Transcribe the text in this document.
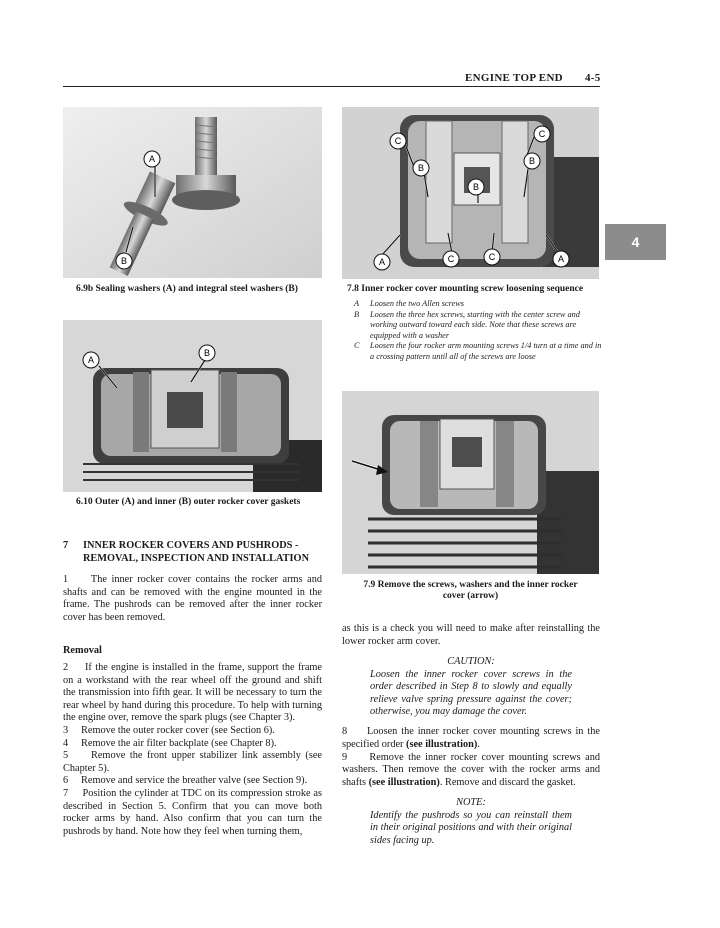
ENGINE TOP END 4-5
4
A
B
6.9b Sealing washers (A) and integral steel washers (B)
A
B
6.10 Outer (A) and inner (B) outer rocker cover gaskets
C
C
B
B
B
A	C	C	A
7.8 Inner rocker cover mounting screw loosening sequence
A	Loosen the two Allen screws
B	Loosen the three hex screws, starting with the center screw and working outward toward each side. Note that these screws are equipped with a washer
C	Loosen the four rocker arm mounting screws 1/4 turn at a time and in a crossing pattern until all of the screws are loose
7.9 Remove the screws, washers and the inner rocker
cover (arrow)
7 INNER ROCKER COVERS AND PUSHRODS -
REMOVAL, INSPECTION AND INSTALLATION

1     The inner rocker cover contains the rocker arms and shafts and can be removed with the engine mounted in the frame. The pushrods can be removed after the inner rocker cover has been removed.

Removal

2     If the engine is installed in the frame, support the frame on a workstand with the rear wheel off the ground and shift the transmission into fifth gear. It will be necessary to turn the rear wheel by hand during this procedure. To help with turning the engine over, remove the spark plugs (see Chapter 3).

3     Remove the outer rocker cover (see Section 6).

4     Remove the air filter backplate (see Chapter 8).

5     Remove the front upper stabilizer link assembly (see Chapter 5).

6     Remove and service the breather valve (see Section 9).

7     Position the cylinder at TDC on its compression stroke as described in Section 5. Confirm that you can move both rocker arms by hand. Also confirm that you can turn the pushrods by hand. Note how they feel when turning them,

as this is a check you will need to make after reinstalling the lower rocker arm cover.

CAUTION:

Loosen the inner rocker cover screws in the order described in Step 8 to slowly and equally relieve valve spring pressure against the cover; otherwise, you may damage the cover.

8     Loosen the inner rocker cover mounting screws in the specified order (see illustration).

9     Remove the inner rocker cover mounting screws and washers. Then remove the cover with the rocker arms and shafts (see illustration). Remove and discard the gasket.

NOTE:

Identify the pushrods so you can reinstall them in their original positions and with their original sides facing up.
